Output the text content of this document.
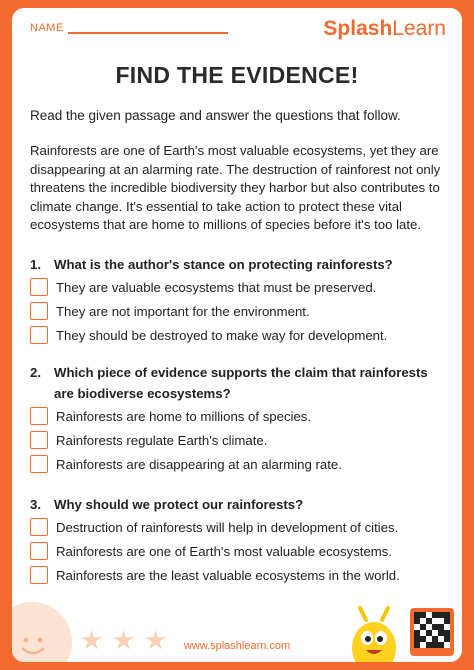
NAME	SplashLearn
FIND THE EVIDENCE!
Read the given passage and answer the questions that follow.
Rainforests are one of Earth's most valuable ecosystems, yet they are disappearing at an alarming rate. The destruction of rainforest not only threatens the incredible biodiversity they harbor but also contributes to climate change. It's essential to take action to protect these vital ecosystems that are home to millions of species before it's too late.
1. What is the author's stance on protecting rainforests?
They are valuable ecosystems that must be preserved.
They are not important for the environment.
They should be destroyed to make way for development.
2. Which piece of evidence supports the claim that rainforests are biodiverse ecosystems?
Rainforests are home to millions of species.
Rainforests regulate Earth's climate.
Rainforests are disappearing at an alarming rate.
3. Why should we protect our rainforests?
Destruction of rainforests will help in development of cities.
Rainforests are one of Earth's most valuable ecosystems.
Rainforests are the least valuable ecosystems in the world.
★ ★ ★	www.splashlearn.com
